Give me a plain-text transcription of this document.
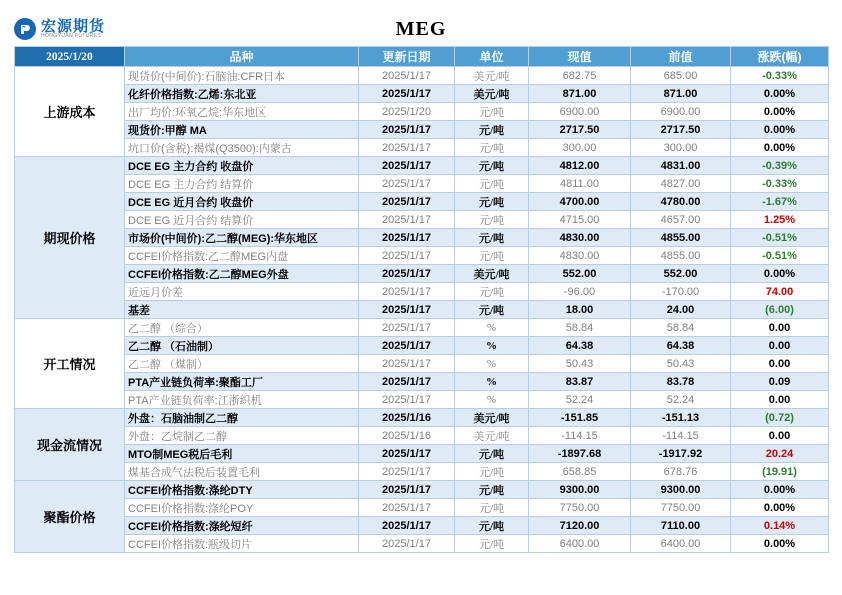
宏源期货
HONGYUAN FUTURES	MEG
2025/1/20	品种	更新日期	单位	现值	前值	涨跌(幅)
上游成本	现货价(中间价):石脑油:CFR日本	2025/1/17	美元/吨	682.75	685.00	-0.33%
	化纤价格指数:乙烯:东北亚	2025/1/17	美元/吨	871.00	871.00	0.00%
	出厂均价:环氧乙烷:华东地区	2025/1/20	元/吨	6900.00	6900.00	0.00%
	现货价:甲醇 MA	2025/1/17	元/吨	2717.50	2717.50	0.00%
	坑口价(含税):褐煤(Q3500):内蒙古	2025/1/17	元/吨	300.00	300.00	0.00%
期现价格	DCE EG 主力合约 收盘价	2025/1/17	元/吨	4812.00	4831.00	-0.39%
	DCE EG 主力合约 结算价	2025/1/17	元/吨	4811.00	4827.00	-0.33%
	DCE EG 近月合约 收盘价	2025/1/17	元/吨	4700.00	4780.00	-1.67%
	DCE EG 近月合约 结算价	2025/1/17	元/吨	4715.00	4657.00	1.25%
	市场价(中间价):乙二醇(MEG):华东地区	2025/1/17	元/吨	4830.00	4855.00	-0.51%
	CCFEI价格指数:乙二醇MEG内盘	2025/1/17	元/吨	4830.00	4855.00	-0.51%
	CCFEI价格指数:乙二醇MEG外盘	2025/1/17	美元/吨	552.00	552.00	0.00%
	近远月价差	2025/1/17	元/吨	-96.00	-170.00	74.00
	基差	2025/1/17	元/吨	18.00	24.00	(6.00)
开工情况	乙二醇 （综合）	2025/1/17	%	58.84	58.84	0.00
	乙二醇 （石油制）	2025/1/17	%	64.38	64.38	0.00
	乙二醇 （煤制）	2025/1/17	%	50.43	50.43	0.00
	PTA产业链负荷率:聚酯工厂	2025/1/17	%	83.87	83.78	0.09
	PTA产业链负荷率:江浙织机	2025/1/17	%	52.24	52.24	0.00
现金流情况	外盘：石脑油制乙二醇	2025/1/16	美元/吨	-151.85	-151.13	(0.72)
	外盘：乙烷制乙二醇	2025/1/16	美元/吨	-114.15	-114.15	0.00
	MTO制MEG税后毛利	2025/1/17	元/吨	-1897.68	-1917.92	20.24
	煤基合成气法税后装置毛利	2025/1/17	元/吨	658.85	678.76	(19.91)
聚酯价格	CCFEI价格指数:涤纶DTY	2025/1/17	元/吨	9300.00	9300.00	0.00%
	CCFEI价格指数:涤纶POY	2025/1/17	元/吨	7750.00	7750.00	0.00%
	CCFEI价格指数:涤纶短纤	2025/1/17	元/吨	7120.00	7110.00	0.14%
	CCFEI价格指数:瓶级切片	2025/1/17	元/吨	6400.00	6400.00	0.00%
